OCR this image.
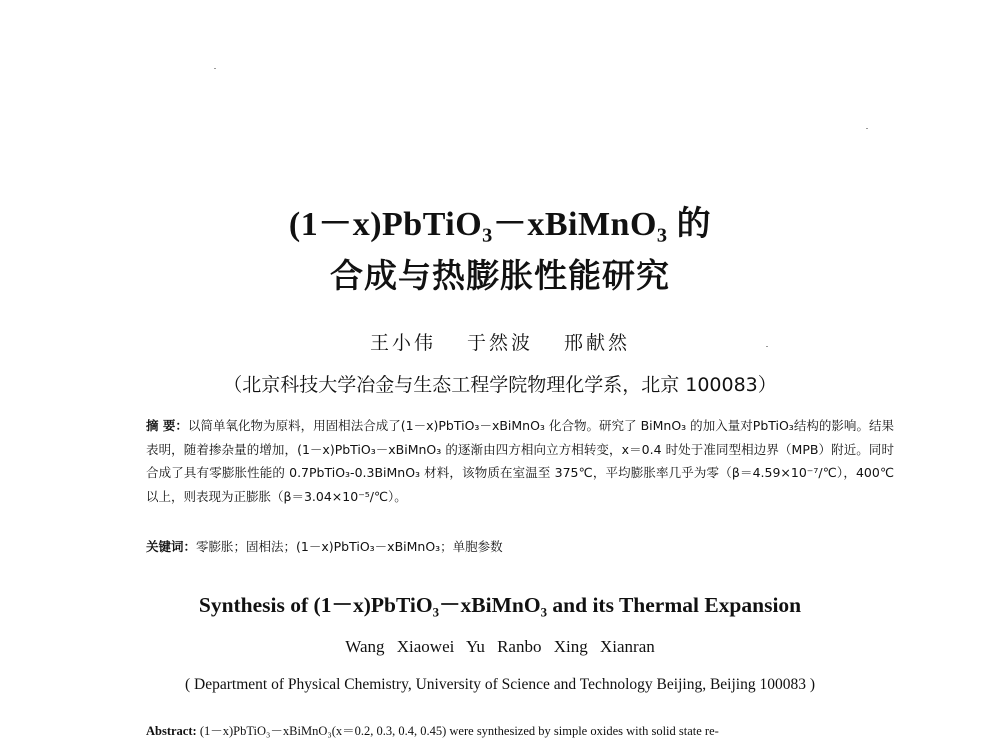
(1－x)PbTiO₃－xBiMnO₃ 的
合成与热膨胀性能研究
王小伟 于然波 邢献然
（北京科技大学冶金与生态工程学院物理化学系，北京 100083）
摘 要：以简单氧化物为原料，用固相法合成了(1－x)PbTiO₃－xBiMnO₃ 化合物。研究了 BiMnO₃ 的加入量对PbTiO₃结构的影响。结果表明，随着掺杂量的增加，(1－x)PbTiO₃－xBiMnO₃ 的逐渐由四方相向立方相转变，x＝0.4 时处于准同型相边界（MPB）附近。同时合成了具有零膨胀性能的 0.7PbTiO₃-0.3BiMnO₃ 材料，该物质在室温至 375℃，平均膨胀率几乎为零（β＝4.59×10⁻⁷/℃），400℃ 以上，则表现为正膨胀（β＝3.04×10⁻⁵/℃）。
关键词：零膨胀；固相法；(1－x)PbTiO₃－xBiMnO₃；单胞参数
Synthesis of (1－x)PbTiO₃－xBiMnO₃ and its Thermal Expansion
Wang Xiaowei Yu Ranbo Xing Xianran
( Department of Physical Chemistry, University of Science and Technology Beijing, Beijing 100083 )
Abstract: (1－x)PbTiO₃－xBiMnO₃(x＝0.2, 0.3, 0.4, 0.45) were synthesized by simple oxides with solid state re-
